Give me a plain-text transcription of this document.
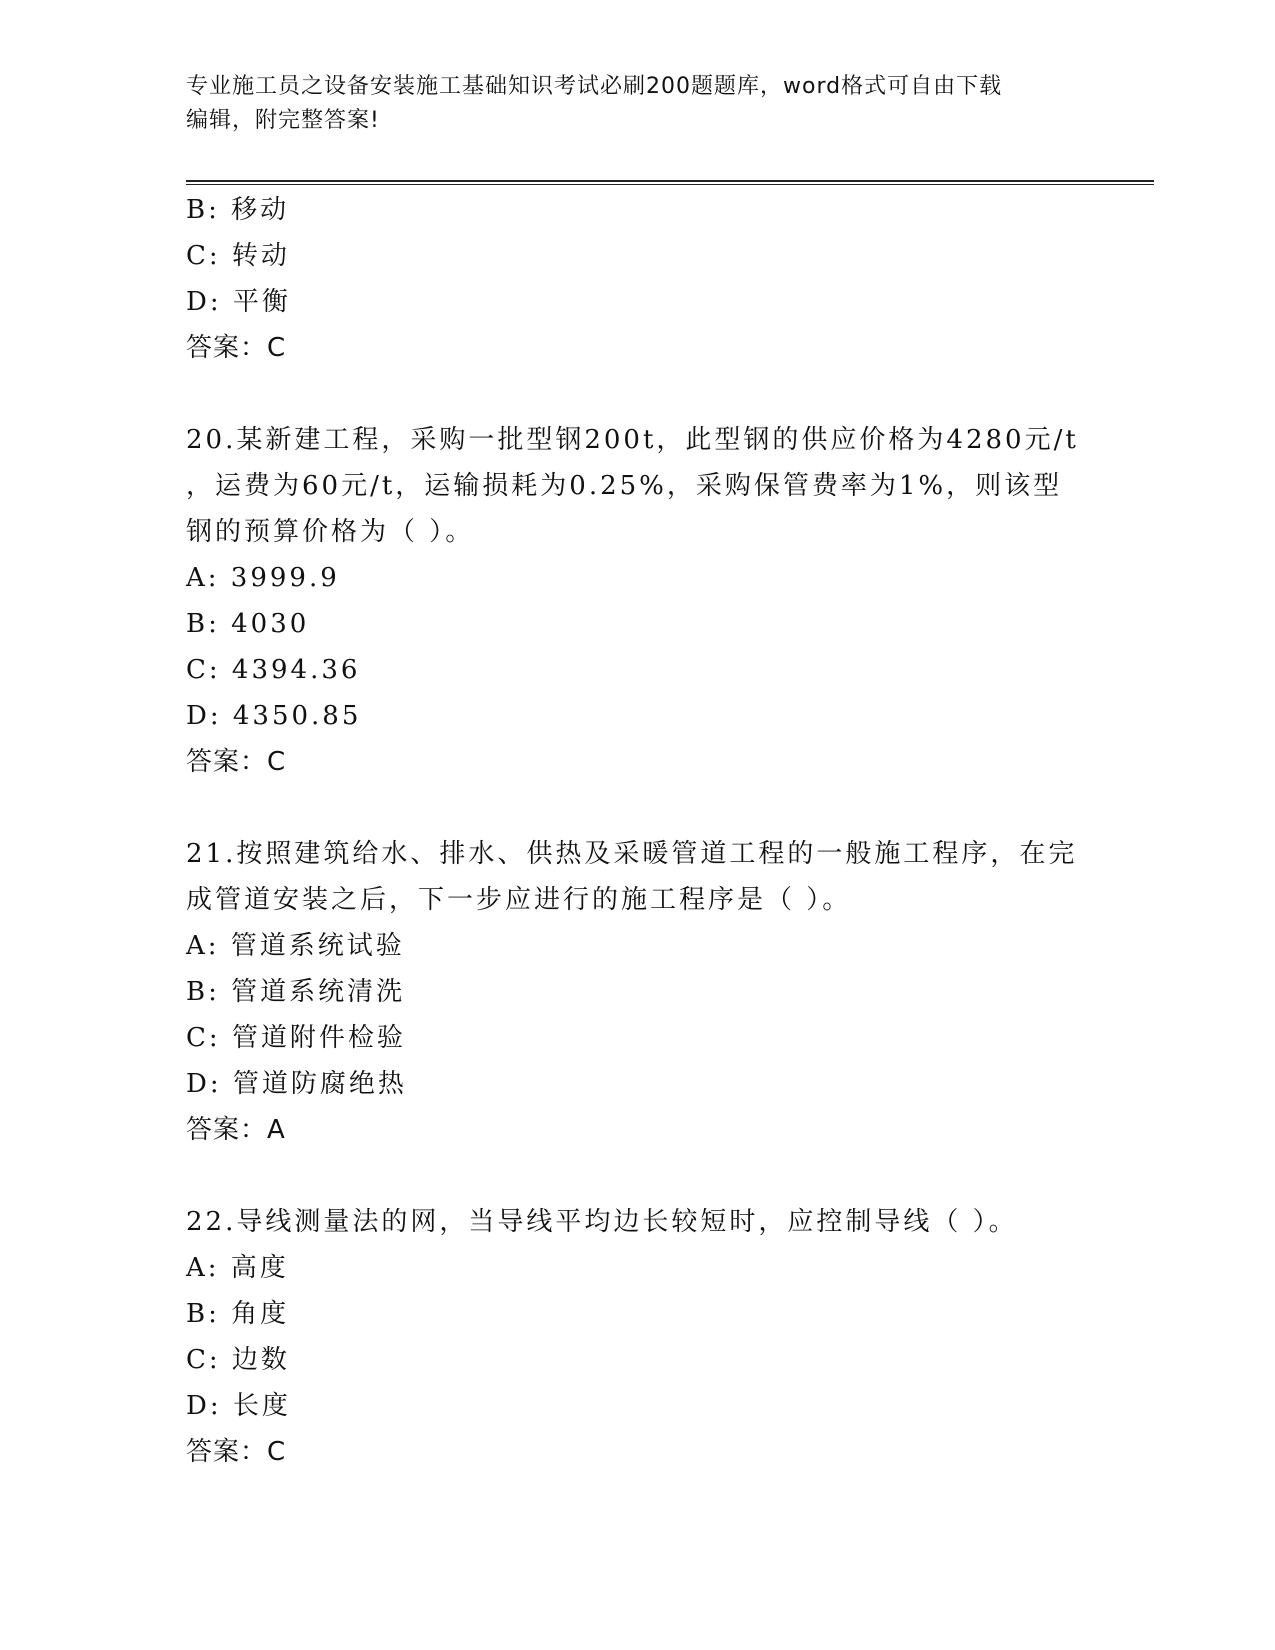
专业施工员之设备安装施工基础知识考试必刷200题题库，word格式可自由下载
编辑，附完整答案!
B: 移动
C: 转动
D: 平衡
答案：C
20.某新建工程，采购一批型钢200t，此型钢的供应价格为4280元/t
，运费为60元/t，运输损耗为0.25%，采购保管费率为1%，则该型
钢的预算价格为（ ）。
A: 3999.9
B: 4030
C: 4394.36
D: 4350.85
答案：C
21.按照建筑给水、排水、供热及采暖管道工程的一般施工程序，在完
成管道安装之后，下一步应进行的施工程序是（ ）。
A: 管道系统试验
B: 管道系统清洗
C: 管道附件检验
D: 管道防腐绝热
答案：A
22.导线测量法的网，当导线平均边长较短时，应控制导线（ ）。
A: 高度
B: 角度
C: 边数
D: 长度
答案：C
